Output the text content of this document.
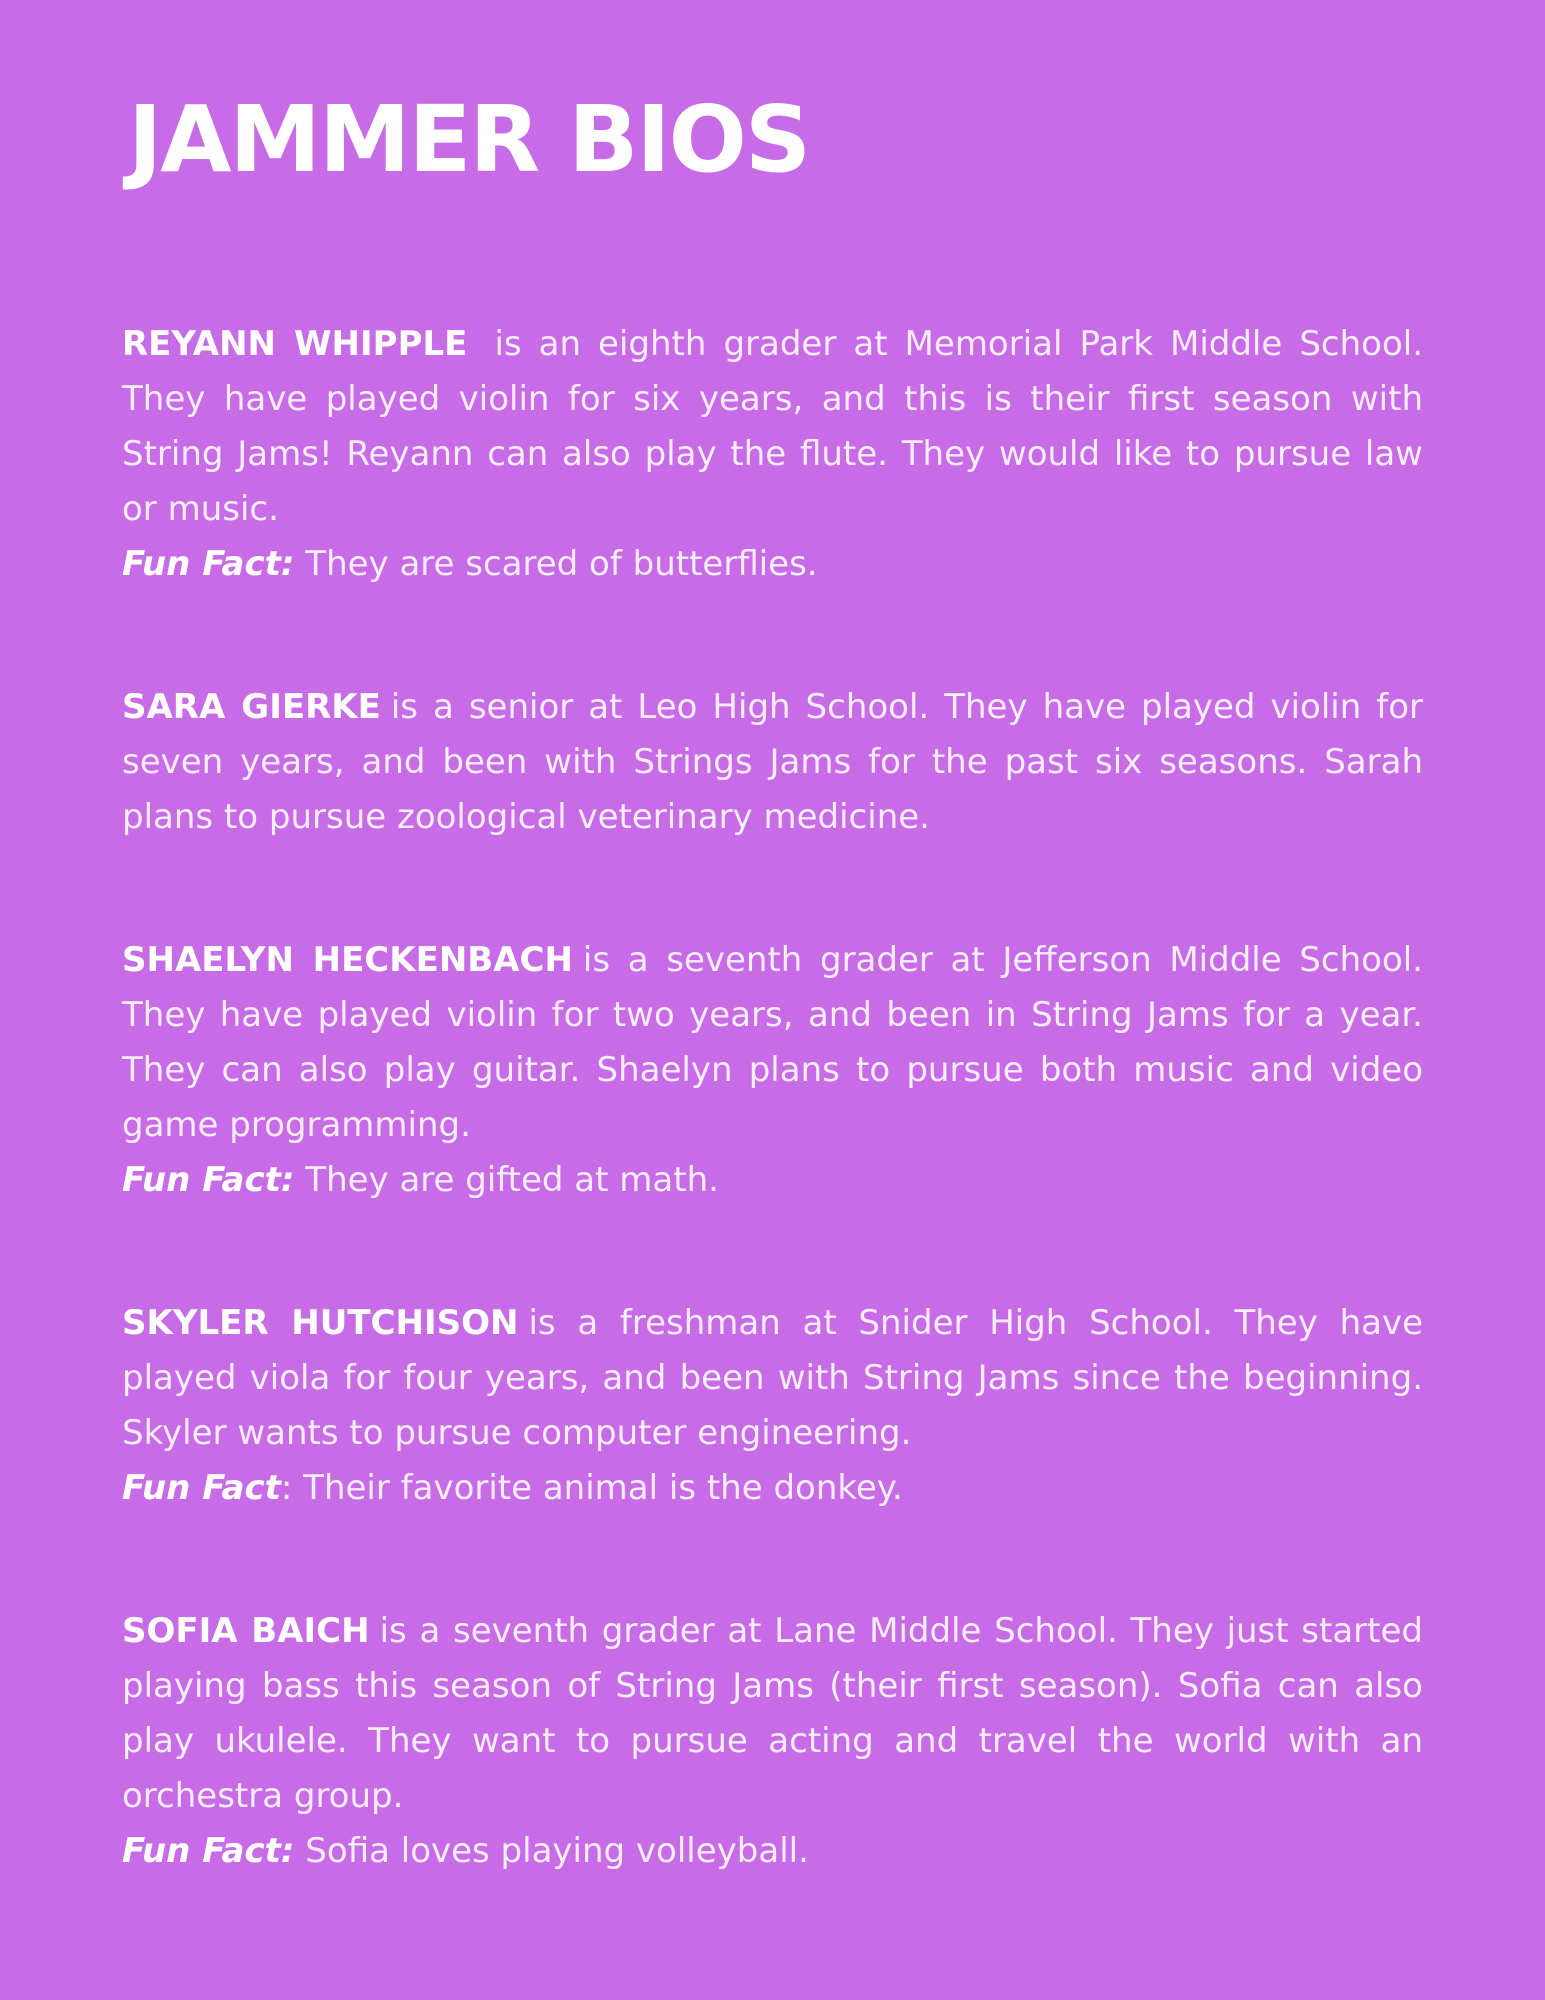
JAMMER BIOS
REYANN WHIPPLE is an eighth grader at Memorial Park Middle School. They have played violin for six years, and this is their first season with String Jams! Reyann can also play the flute. They would like to pursue law or music.
Fun Fact: They are scared of butterflies.
SARA GIERKE is a senior at Leo High School. They have played violin for seven years, and been with Strings Jams for the past six seasons. Sarah plans to pursue zoological veterinary medicine.
SHAELYN HECKENBACH is a seventh grader at Jefferson Middle School. They have played violin for two years, and been in String Jams for a year. They can also play guitar. Shaelyn plans to pursue both music and video game programming.
Fun Fact: They are gifted at math.
SKYLER HUTCHISON is a freshman at Snider High School. They have played viola for four years, and been with String Jams since the beginning. Skyler wants to pursue computer engineering.
Fun Fact: Their favorite animal is the donkey.
SOFIA BAICH is a seventh grader at Lane Middle School. They just started playing bass this season of String Jams (their first season). Sofia can also play ukulele. They want to pursue acting and travel the world with an orchestra group.
Fun Fact: Sofia loves playing volleyball.
